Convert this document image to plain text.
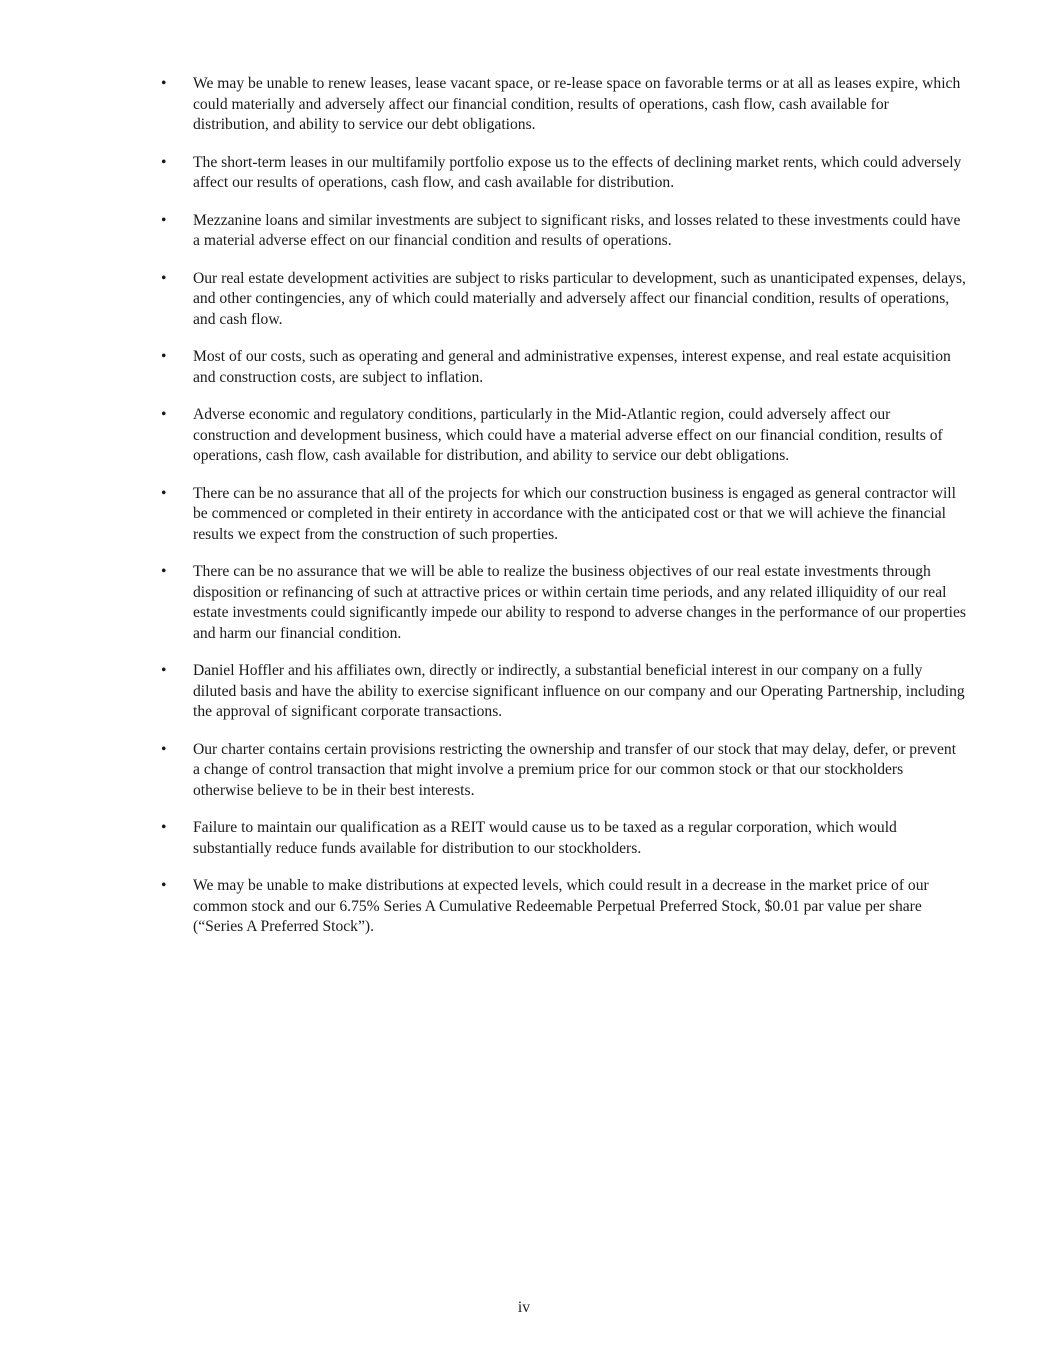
•	We may be unable to renew leases, lease vacant space, or re-lease space on favorable terms or at all as leases expire, which could materially and adversely affect our financial condition, results of operations, cash flow, cash available for distribution, and ability to service our debt obligations.
•	The short-term leases in our multifamily portfolio expose us to the effects of declining market rents, which could adversely affect our results of operations, cash flow, and cash available for distribution.
•	Mezzanine loans and similar investments are subject to significant risks, and losses related to these investments could have a material adverse effect on our financial condition and results of operations.
•	Our real estate development activities are subject to risks particular to development, such as unanticipated expenses, delays, and other contingencies, any of which could materially and adversely affect our financial condition, results of operations, and cash flow.
•	Most of our costs, such as operating and general and administrative expenses, interest expense, and real estate acquisition and construction costs, are subject to inflation.
•	Adverse economic and regulatory conditions, particularly in the Mid-Atlantic region, could adversely affect our construction and development business, which could have a material adverse effect on our financial condition, results of operations, cash flow, cash available for distribution, and ability to service our debt obligations.
•	There can be no assurance that all of the projects for which our construction business is engaged as general contractor will be commenced or completed in their entirety in accordance with the anticipated cost or that we will achieve the financial results we expect from the construction of such properties.
•	There can be no assurance that we will be able to realize the business objectives of our real estate investments through disposition or refinancing of such at attractive prices or within certain time periods, and any related illiquidity of our real estate investments could significantly impede our ability to respond to adverse changes in the performance of our properties and harm our financial condition.
•	Daniel Hoffler and his affiliates own, directly or indirectly, a substantial beneficial interest in our company on a fully diluted basis and have the ability to exercise significant influence on our company and our Operating Partnership, including the approval of significant corporate transactions.
•	Our charter contains certain provisions restricting the ownership and transfer of our stock that may delay, defer, or prevent a change of control transaction that might involve a premium price for our common stock or that our stockholders otherwise believe to be in their best interests.
•	Failure to maintain our qualification as a REIT would cause us to be taxed as a regular corporation, which would substantially reduce funds available for distribution to our stockholders.
•	We may be unable to make distributions at expected levels, which could result in a decrease in the market price of our common stock and our 6.75% Series A Cumulative Redeemable Perpetual Preferred Stock, $0.01 par value per share (“Series A Preferred Stock”).
iv
